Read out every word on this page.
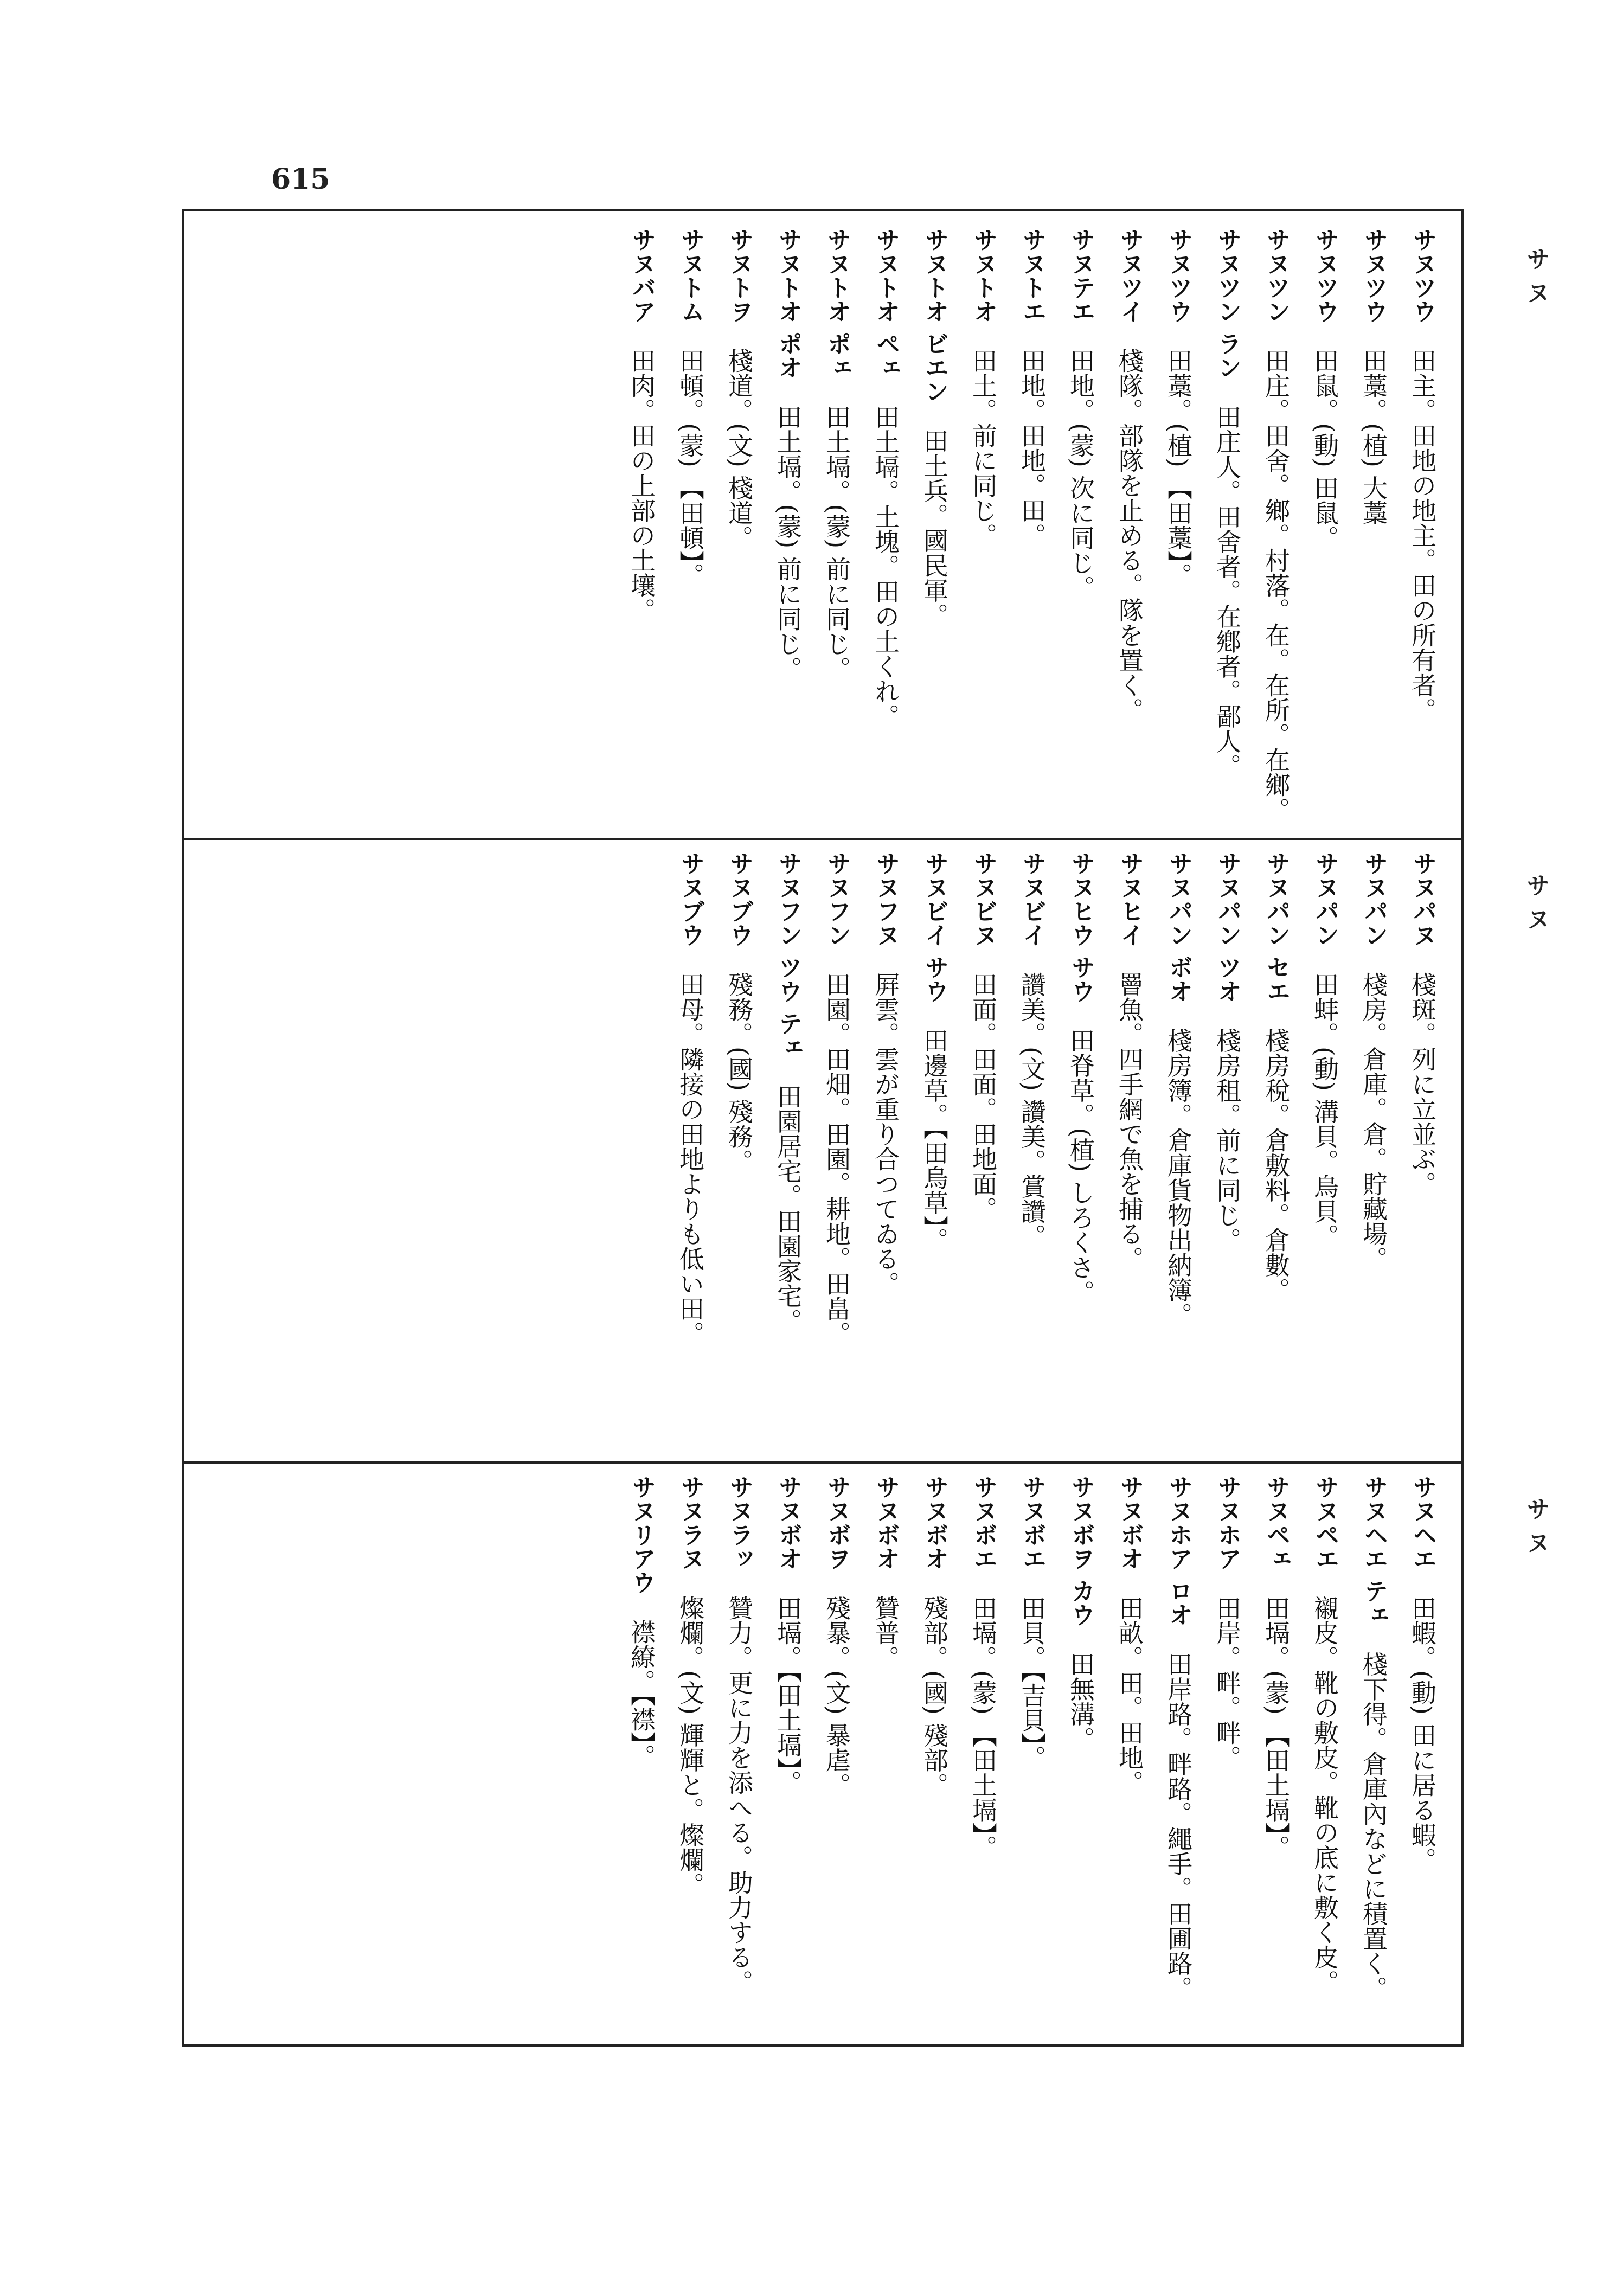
615
サヌ
サヌ
サヌ
サヌツウ　田主。田地の地主。田の所有者。
サヌツウ　田藁。(植) 大藁
サヌツウ　田鼠。(動) 田鼠。
サヌツン　田庄。田舍。鄉。村落。在。在所。在鄉。
サヌツン ラン　田庄人。田舍者。在鄕者。鄙人。
サヌツウ　田藁。(植) 【田藁】。
サヌツイ　棧隊。部隊を止める。隊を置く。
サヌテエ　田地。(蒙) 次に同じ。
サヌトエ　田地。田地。田。
サヌトオ　田土。前に同じ。
サヌトオ ビエン　田土兵。國民軍。
サヌトオ ペェ　田土塥。土塊。田の土くれ。
サヌトオ ポェ　田土塥。(蒙) 前に同じ。
サヌトオ ポオ　田土塥。(蒙) 前に同じ。
サヌトヲ　棧道。(文) 棧道。
サヌトム　田頓。(蒙) 【田頓】。
サヌバア　田肉。田の上部の土壤。
サヌパヌ　棧斑。列に立並ぶ。
サヌパン　棧房。倉庫。倉。貯藏場。
サヌパン　田蚌。(動) 溝貝。烏貝。
サヌパン セエ　棧房稅。倉敷料。倉數。
サヌパン ツオ　棧房租。前に同じ。
サヌパン ボオ　棧房簿。倉庫貨物出納簿。
サヌヒイ　罾魚。四手網で魚を捕る。
サヌヒウ サウ　田脊草。(植) しろくさ。
サヌビイ　讚美。(文) 讚美。賞讚。
サヌビヌ　田面。田面。田地面。
サヌビイ サウ　田邊草。【田烏草】。
サヌフヌ　屛雲。雲が重り合つてゐる。
サヌフン　田園。田畑。田園。耕地。田畠。
サヌフン ツウ テェ　田園居宅。田園家宅。
サヌブウ　殘務。(國) 殘務。
サヌブウ　田母。隣接の田地よりも低い田。
サヌヘエ　田蝦。(動) 田に居る蝦。
サヌヘエ テェ　棧下得。倉庫內などに積置く。
サヌペエ　襯皮。靴の敷皮。靴の底に敷く皮。
サヌペェ　田塥。(蒙) 【田土塥】。
サヌホア　田岸。畔。畔。
サヌホア ロオ　田岸路。畔路。繩手。田圃路。
サヌボオ　田畝。田。田地。
サヌボヲ カウ　田無溝。
サヌボエ　田貝。【吉貝】。
サヌボエ　田塥。(蒙) 【田土塥】。
サヌボオ　殘部。(國) 殘部。
サヌボオ　贊普。
サヌボヲ　殘暴。(文) 暴虐。
サヌボオ　田塥。【田土塥】。
サヌラッ　贊力。更に力を添へる。助力する。
サヌラヌ　燦爛。(文) 輝輝と。燦爛。
サヌリアウ　襟繚。【襟】。
